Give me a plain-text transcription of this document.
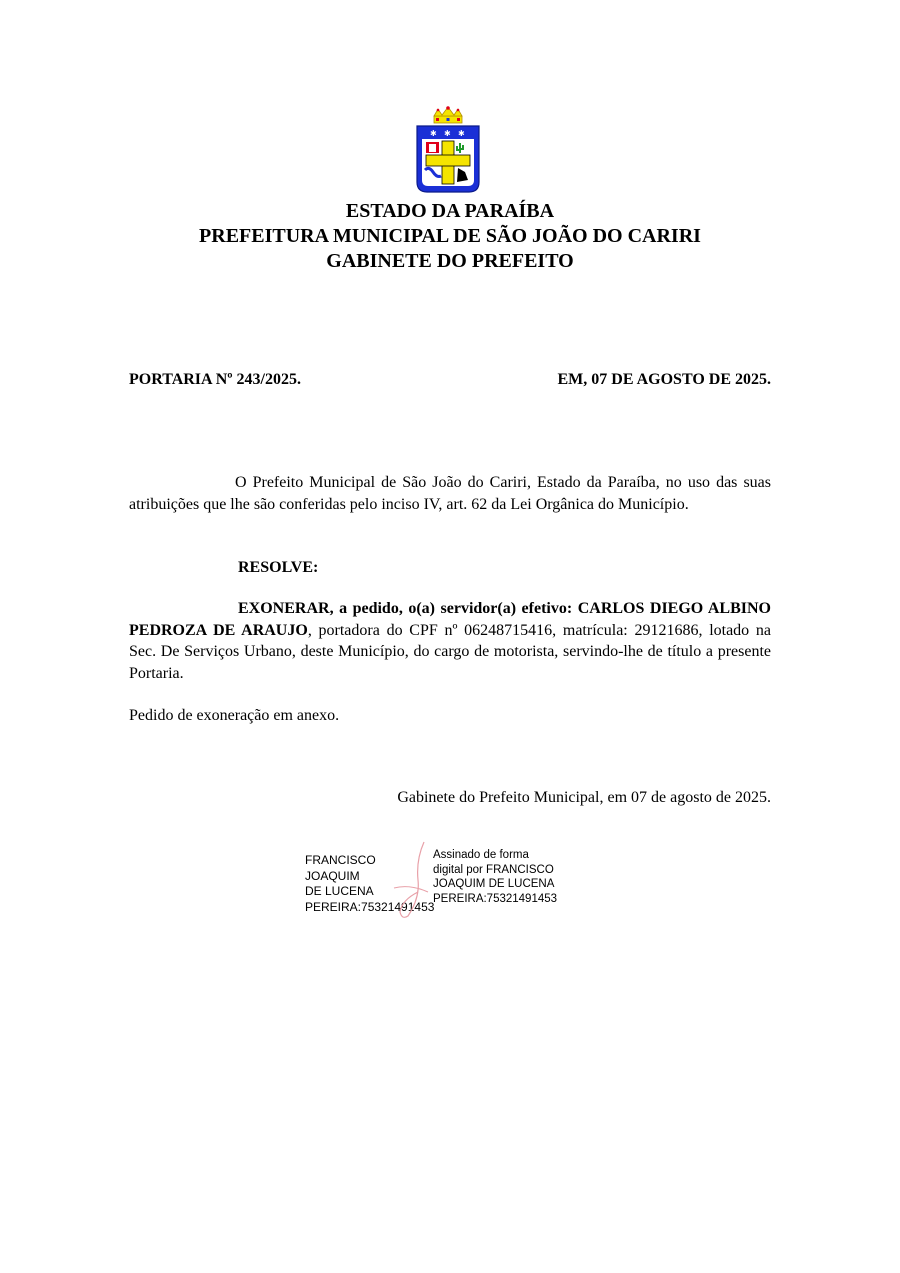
✱ ✱ ✱
ESTADO DA PARAÍBA
PREFEITURA MUNICIPAL DE SÃO JOÃO DO CARIRI
GABINETE DO PREFEITO
PORTARIA Nº 243/2025.	EM, 07 DE AGOSTO DE 2025.
O Prefeito Municipal de São João do Cariri, Estado da Paraíba, no uso das suas atribuições que lhe são conferidas pelo inciso IV, art. 62 da Lei Orgânica do Município.
RESOLVE:
EXONERAR, a pedido, o(a) servidor(a) efetivo: CARLOS DIEGO ALBINO PEDROZA DE ARAUJO, portadora do CPF nº 06248715416, matrícula: 29121686, lotado na Sec. De Serviços Urbano, deste Município, do cargo de motorista, servindo-lhe de título a presente Portaria.
Pedido de exoneração em anexo.
Gabinete do Prefeito Municipal, em 07 de agosto de 2025.
FRANCISCO JOAQUIM
DE LUCENA
PEREIRA:75321491453
Assinado de forma
digital por FRANCISCO
JOAQUIM DE LUCENA
PEREIRA:75321491453
